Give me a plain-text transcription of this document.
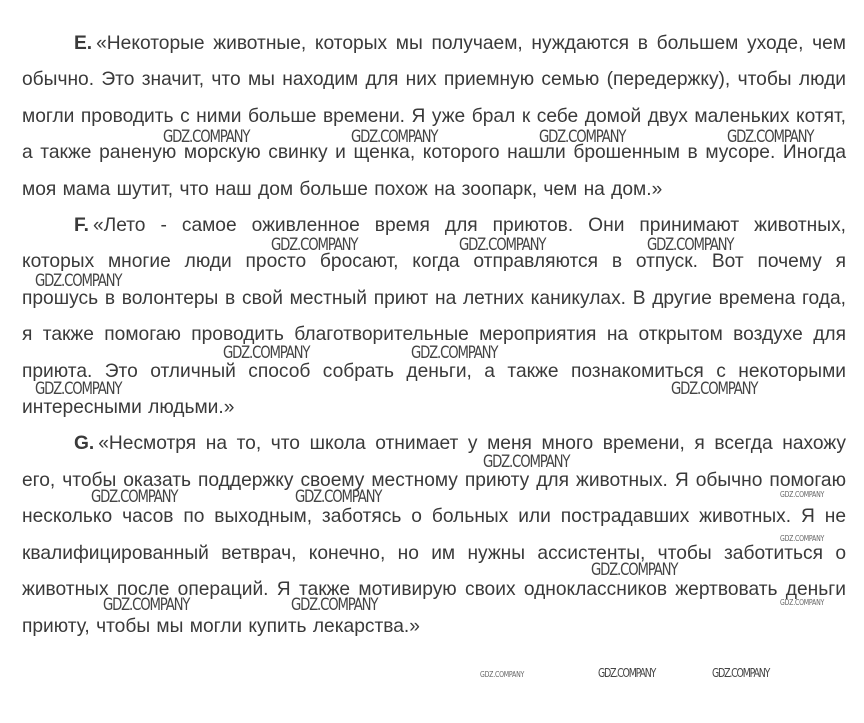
E. «Некоторые животные, которых мы получаем, нуждаются в большем уходе, чем обычно. Это значит, что мы находим для них приемную семью (передержку), чтобы люди могли проводить с ними больше времени. Я уже брал к себе домой двух маленьких котят, а также раненую морскую свинку и щенка, которого нашли брошенным в мусоре. Иногда моя мама шутит, что наш дом больше похож на зоопарк, чем на дом.»

F. «Лето - самое оживленное время для приютов. Они принимают животных, которых многие люди просто бросают, когда отправляются в отпуск. Вот почему я прошусь в волонтеры в свой местный приют на летних каникулах. В другие времена года, я также помогаю проводить благотворительные мероприятия на открытом воздухе для приюта. Это отличный способ собрать деньги, а также познакомиться с некоторыми интересными людьми.»

G. «Несмотря на то, что школа отнимает у меня много времени, я всегда нахожу его, чтобы оказать поддержку своему местному приюту для животных. Я обычно помогаю несколько часов по выходным, заботясь о больных или пострадавших животных. Я не квалифицированный ветврач, конечно, но им нужны ассистенты, чтобы заботиться о животных после операций. Я также мотивирую своих одноклассников жертвовать деньги приюту, чтобы мы могли купить лекарства.»

GDZ.COMPANY	GDZ.COMPANY	GDZ.COMPANY	GDZ.COMPANY
GDZ.COMPANY	GDZ.COMPANY	GDZ.COMPANY
GDZ.COMPANY
GDZ.COMPANY	GDZ.COMPANY
GDZ.COMPANY	GDZ.COMPANY
GDZ.COMPANY
GDZ.COMPANY	GDZ.COMPANY
GDZ.COMPANY
GDZ.COMPANY	GDZ.COMPANY
GDZ.COMPANY
GDZ.COMPANY
GDZ.COMPANY
GDZ.COMPANY	GDZ.COMPANY	GDZ.COMPANY
